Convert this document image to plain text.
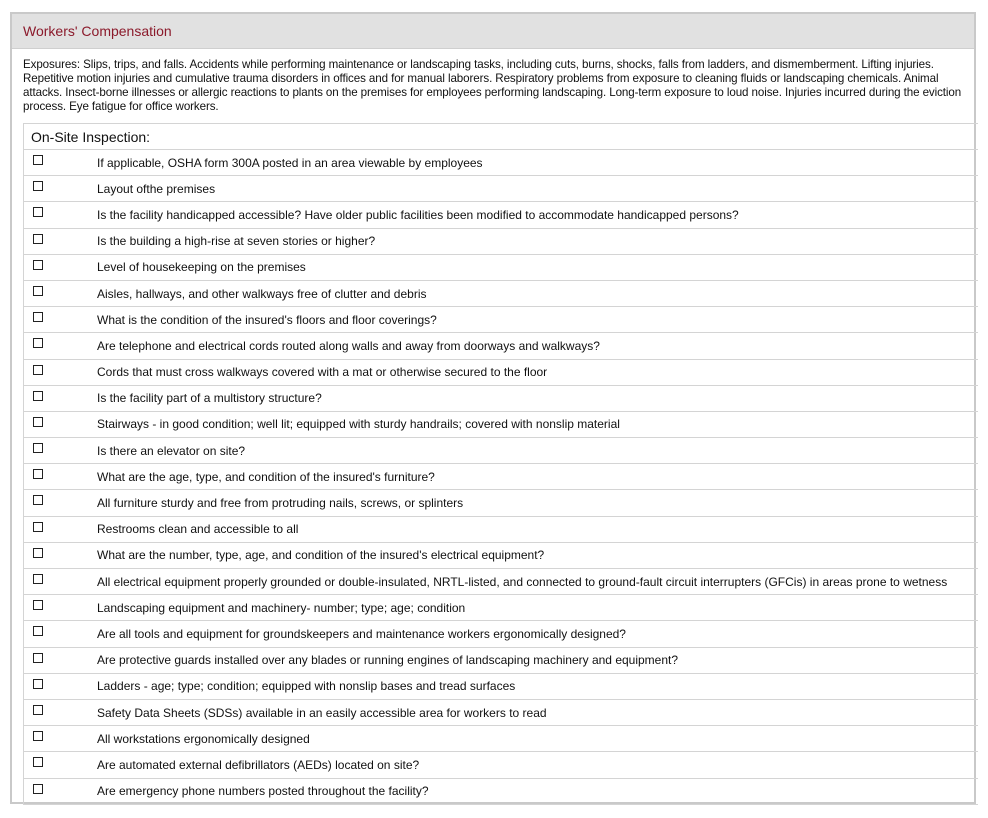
Workers' Compensation
Exposures: Slips, trips, and falls. Accidents while performing maintenance or landscaping tasks, including cuts, burns, shocks, falls from ladders, and dismemberment. Lifting injuries. Repetitive motion injuries and cumulative trauma disorders in offices and for manual laborers. Respiratory problems from exposure to cleaning fluids or landscaping chemicals. Animal attacks. Insect-borne illnesses or allergic reactions to plants on the premises for employees performing landscaping. Long-term exposure to loud noise. Injuries incurred during the eviction process. Eye fatigue for office workers.
On-Site Inspection:
If applicable, OSHA form 300A posted in an area viewable by employees
Layout ofthe premises
Is the facility handicapped accessible? Have older public facilities been modified to accommodate handicapped persons?
Is the building a high-rise at seven stories or higher?
Level of housekeeping on the premises
Aisles, hallways, and other walkways free of clutter and debris
What is the condition of the insured's floors and floor coverings?
Are telephone and electrical cords routed along walls and away from doorways and walkways?
Cords that must cross walkways covered with a mat or otherwise secured to the floor
Is the facility part of a multistory structure?
Stairways - in good condition; well lit; equipped with sturdy handrails; covered with nonslip material
Is there an elevator on site?
What are the age, type, and condition of the insured's furniture?
All furniture sturdy and free from protruding nails, screws, or splinters
Restrooms clean and accessible to all
What are the number, type, age, and condition of the insured's electrical equipment?
All electrical equipment properly grounded or double-insulated, NRTL-listed, and connected to ground-fault circuit interrupters (GFCis) in areas prone to wetness
Landscaping equipment and machinery- number; type; age; condition
Are all tools and equipment for groundskeepers and maintenance workers ergonomically designed?
Are protective guards installed over any blades or running engines of landscaping machinery and equipment?
Ladders - age; type; condition; equipped with nonslip bases and tread surfaces
Safety Data Sheets (SDSs) available in an easily accessible area for workers to read
All workstations ergonomically designed
Are automated external defibrillators (AEDs) located on site?
Are emergency phone numbers posted throughout the facility?
